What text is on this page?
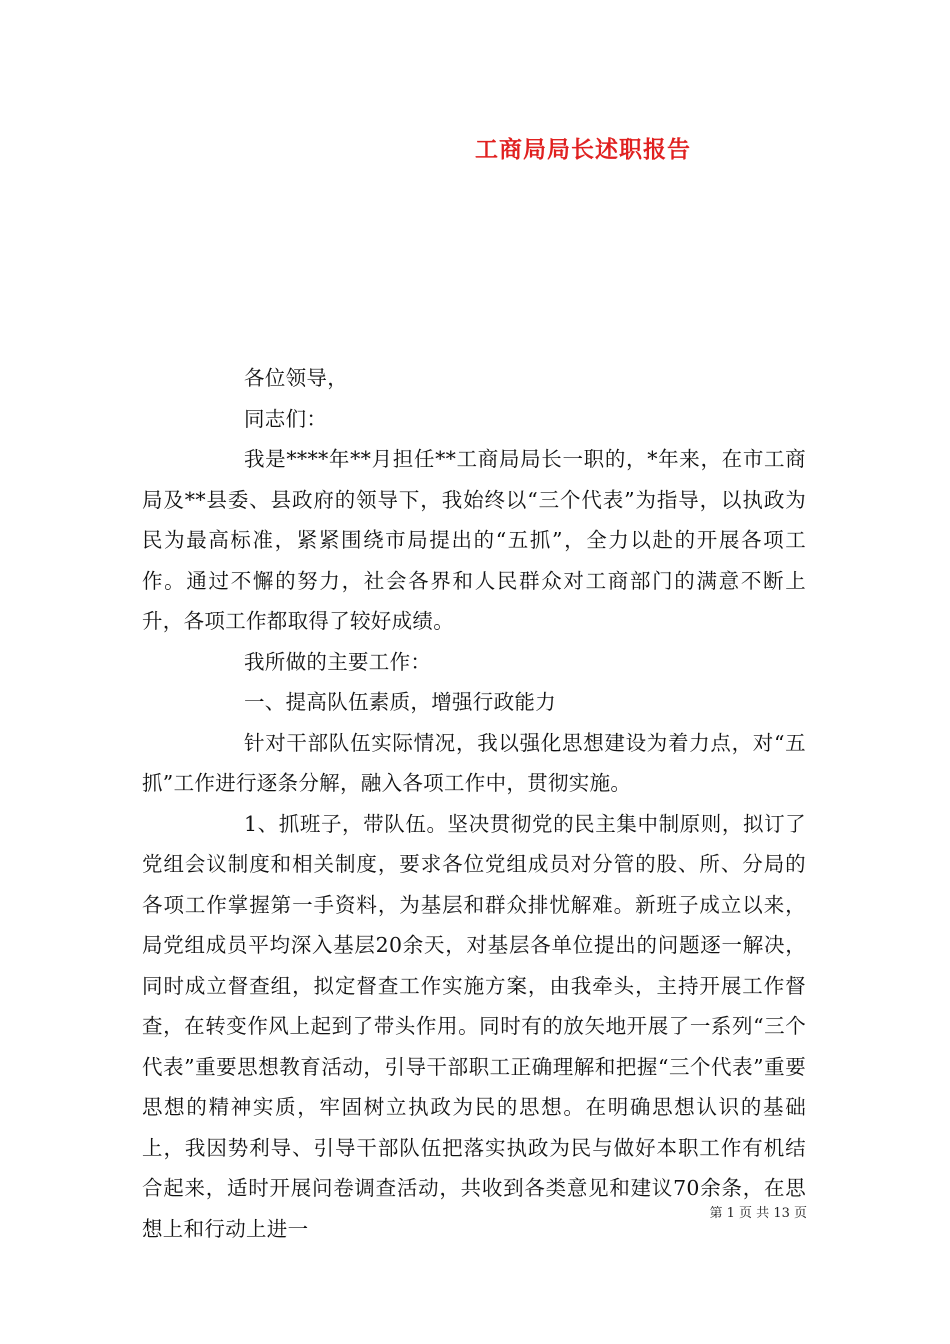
工商局局长述职报告

各位领导，

同志们：

我是****年**月担任**工商局局长一职的，*年来，在市工商局及**县委、县政府的领导下，我始终以“三个代表”为指导，以执政为民为最高标准，紧紧围绕市局提出的“五抓”，全力以赴的开展各项工作。通过不懈的努力，社会各界和人民群众对工商部门的满意不断上升，各项工作都取得了较好成绩。

我所做的主要工作：

一、提高队伍素质，增强行政能力

针对干部队伍实际情况，我以强化思想建设为着力点，对“五抓”工作进行逐条分解，融入各项工作中，贯彻实施。

1、抓班子，带队伍。坚决贯彻党的民主集中制原则，拟订了党组会议制度和相关制度，要求各位党组成员对分管的股、所、分局的各项工作掌握第一手资料，为基层和群众排忧解难。新班子成立以来，局党组成员平均深入基层20余天，对基层各单位提出的问题逐一解决，同时成立督查组，拟定督查工作实施方案，由我牵头，主持开展工作督查，在转变作风上起到了带头作用。同时有的放矢地开展了一系列“三个代表”重要思想教育活动，引导干部职工正确理解和把握“三个代表”重要思想的精神实质，牢固树立执政为民的思想。在明确思想认识的基础上，我因势利导、引导干部队伍把落实执政为民与做好本职工作有机结合起来，适时开展问卷调查活动，共收到各类意见和建议70余条，在思想上和行动上进一

第 1 页 共 13 页
